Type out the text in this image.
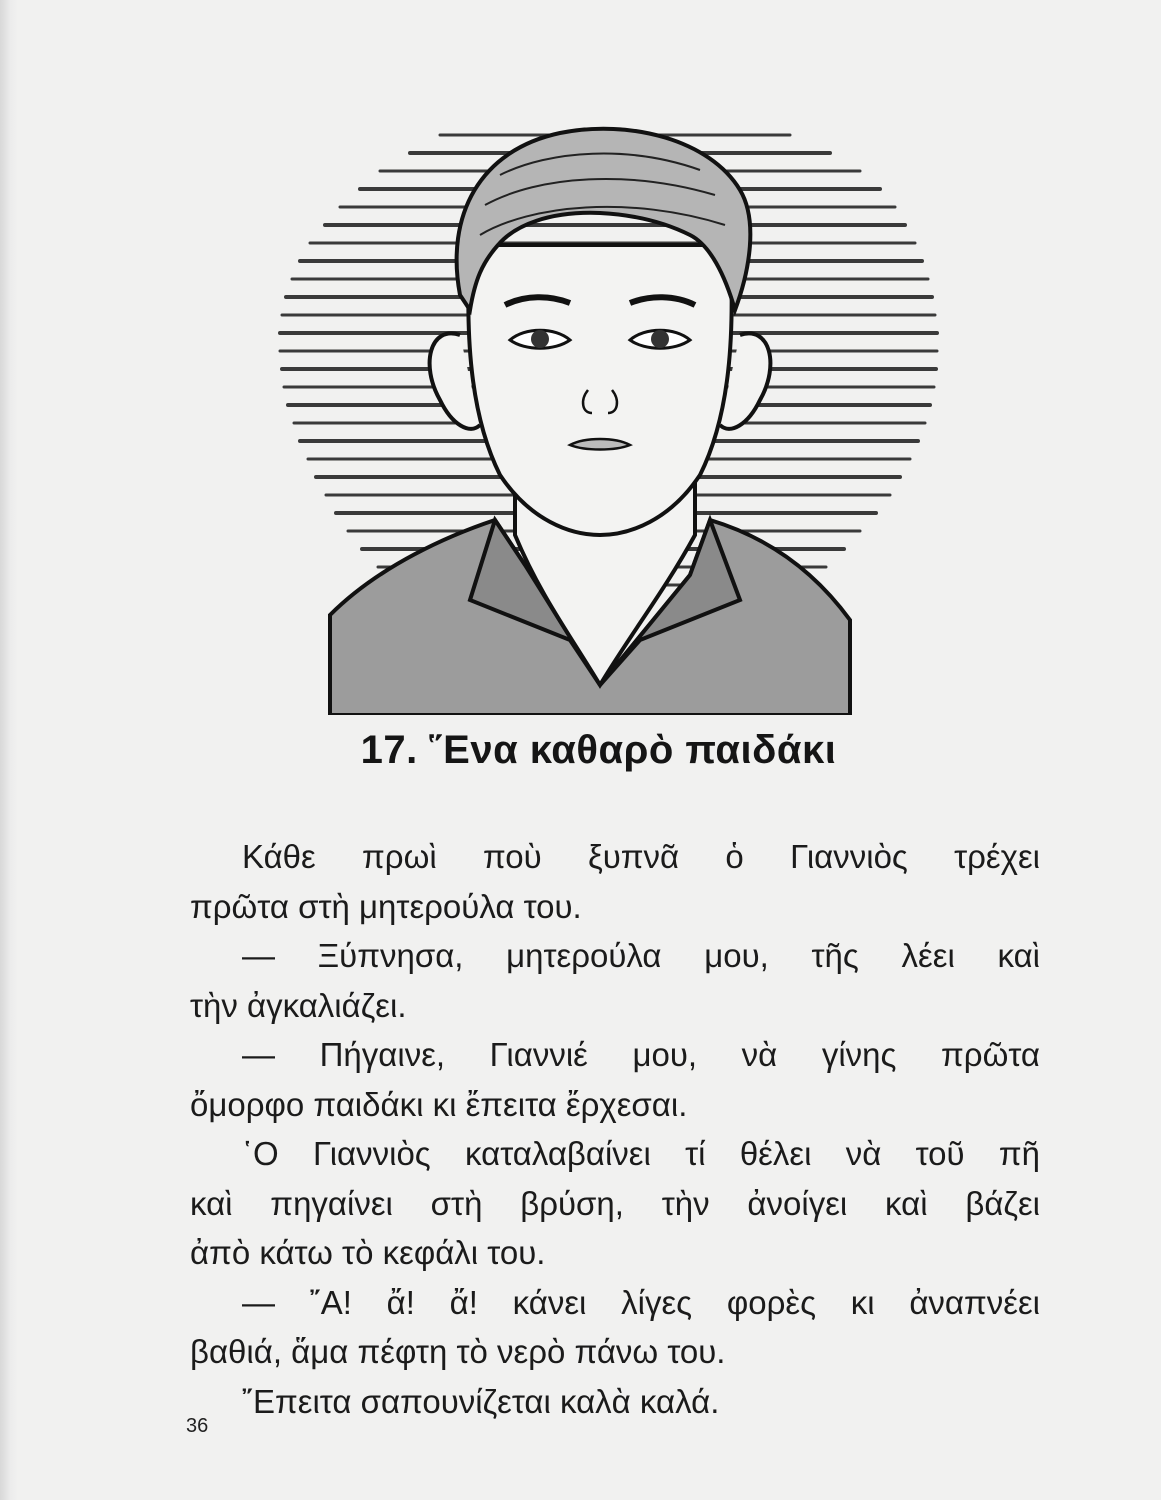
17. ῞Ενα καθαρὸ παιδάκι
Κάθε πρωὶ ποὺ ξυπνᾶ ὁ Γιαννιὸς τρέχει
πρῶτα στὴ μητερούλα του.
— Ξύπνησα, μητερούλα μου, τῆς λέει καὶ
τὴν ἀγκαλιάζει.
— Πήγαινε, Γιαννιέ μου, νὰ γίνης πρῶτα
ὄμορφο παιδάκι κι ἔπειτα ἔρχεσαι.
῾Ο Γιαννιὸς καταλαβαίνει τί θέλει νὰ τοῦ πῆ
καὶ πηγαίνει στὴ βρύση, τὴν ἀνοίγει καὶ βάζει
ἀπὸ κάτω τὸ κεφάλι του.
— ῎Α! ἄ! ἄ! κάνει λίγες φορὲς κι ἀναπνέει
βαθιά, ἅμα πέφτη τὸ νερὸ πάνω του.
῎Επειτα σαπουνίζεται καλὰ καλά.
36
